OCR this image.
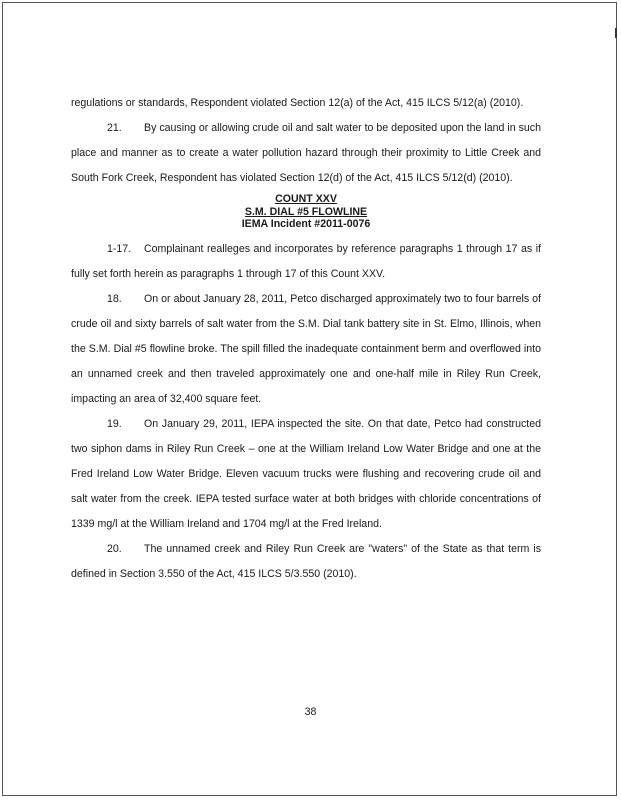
regulations or standards, Respondent violated Section 12(a) of the Act, 415 ILCS 5/12(a) (2010).

21. By causing or allowing crude oil and salt water to be deposited upon the land in such place and manner as to create a water pollution hazard through their proximity to Little Creek and South Fork Creek, Respondent has violated Section 12(d) of the Act, 415 ILCS 5/12(d) (2010).

COUNT XXV
S.M. DIAL #5 FLOWLINE
IEMA Incident #2011-0076

1-17. Complainant realleges and incorporates by reference paragraphs 1 through 17 as if fully set forth herein as paragraphs 1 through 17 of this Count XXV.

18. On or about January 28, 2011, Petco discharged approximately two to four barrels of crude oil and sixty barrels of salt water from the S.M. Dial tank battery site in St. Elmo, Illinois, when the S.M. Dial #5 flowline broke. The spill filled the inadequate containment berm and overflowed into an unnamed creek and then traveled approximately one and one-half mile in Riley Run Creek, impacting an area of 32,400 square feet.

19. On January 29, 2011, IEPA inspected the site. On that date, Petco had constructed two siphon dams in Riley Run Creek – one at the William Ireland Low Water Bridge and one at the Fred Ireland Low Water Bridge. Eleven vacuum trucks were flushing and recovering crude oil and salt water from the creek. IEPA tested surface water at both bridges with chloride concentrations of 1339 mg/l at the William Ireland and 1704 mg/l at the Fred Ireland.

20. The unnamed creek and Riley Run Creek are "waters" of the State as that term is defined in Section 3.550 of the Act, 415 ILCS 5/3.550 (2010).

38
